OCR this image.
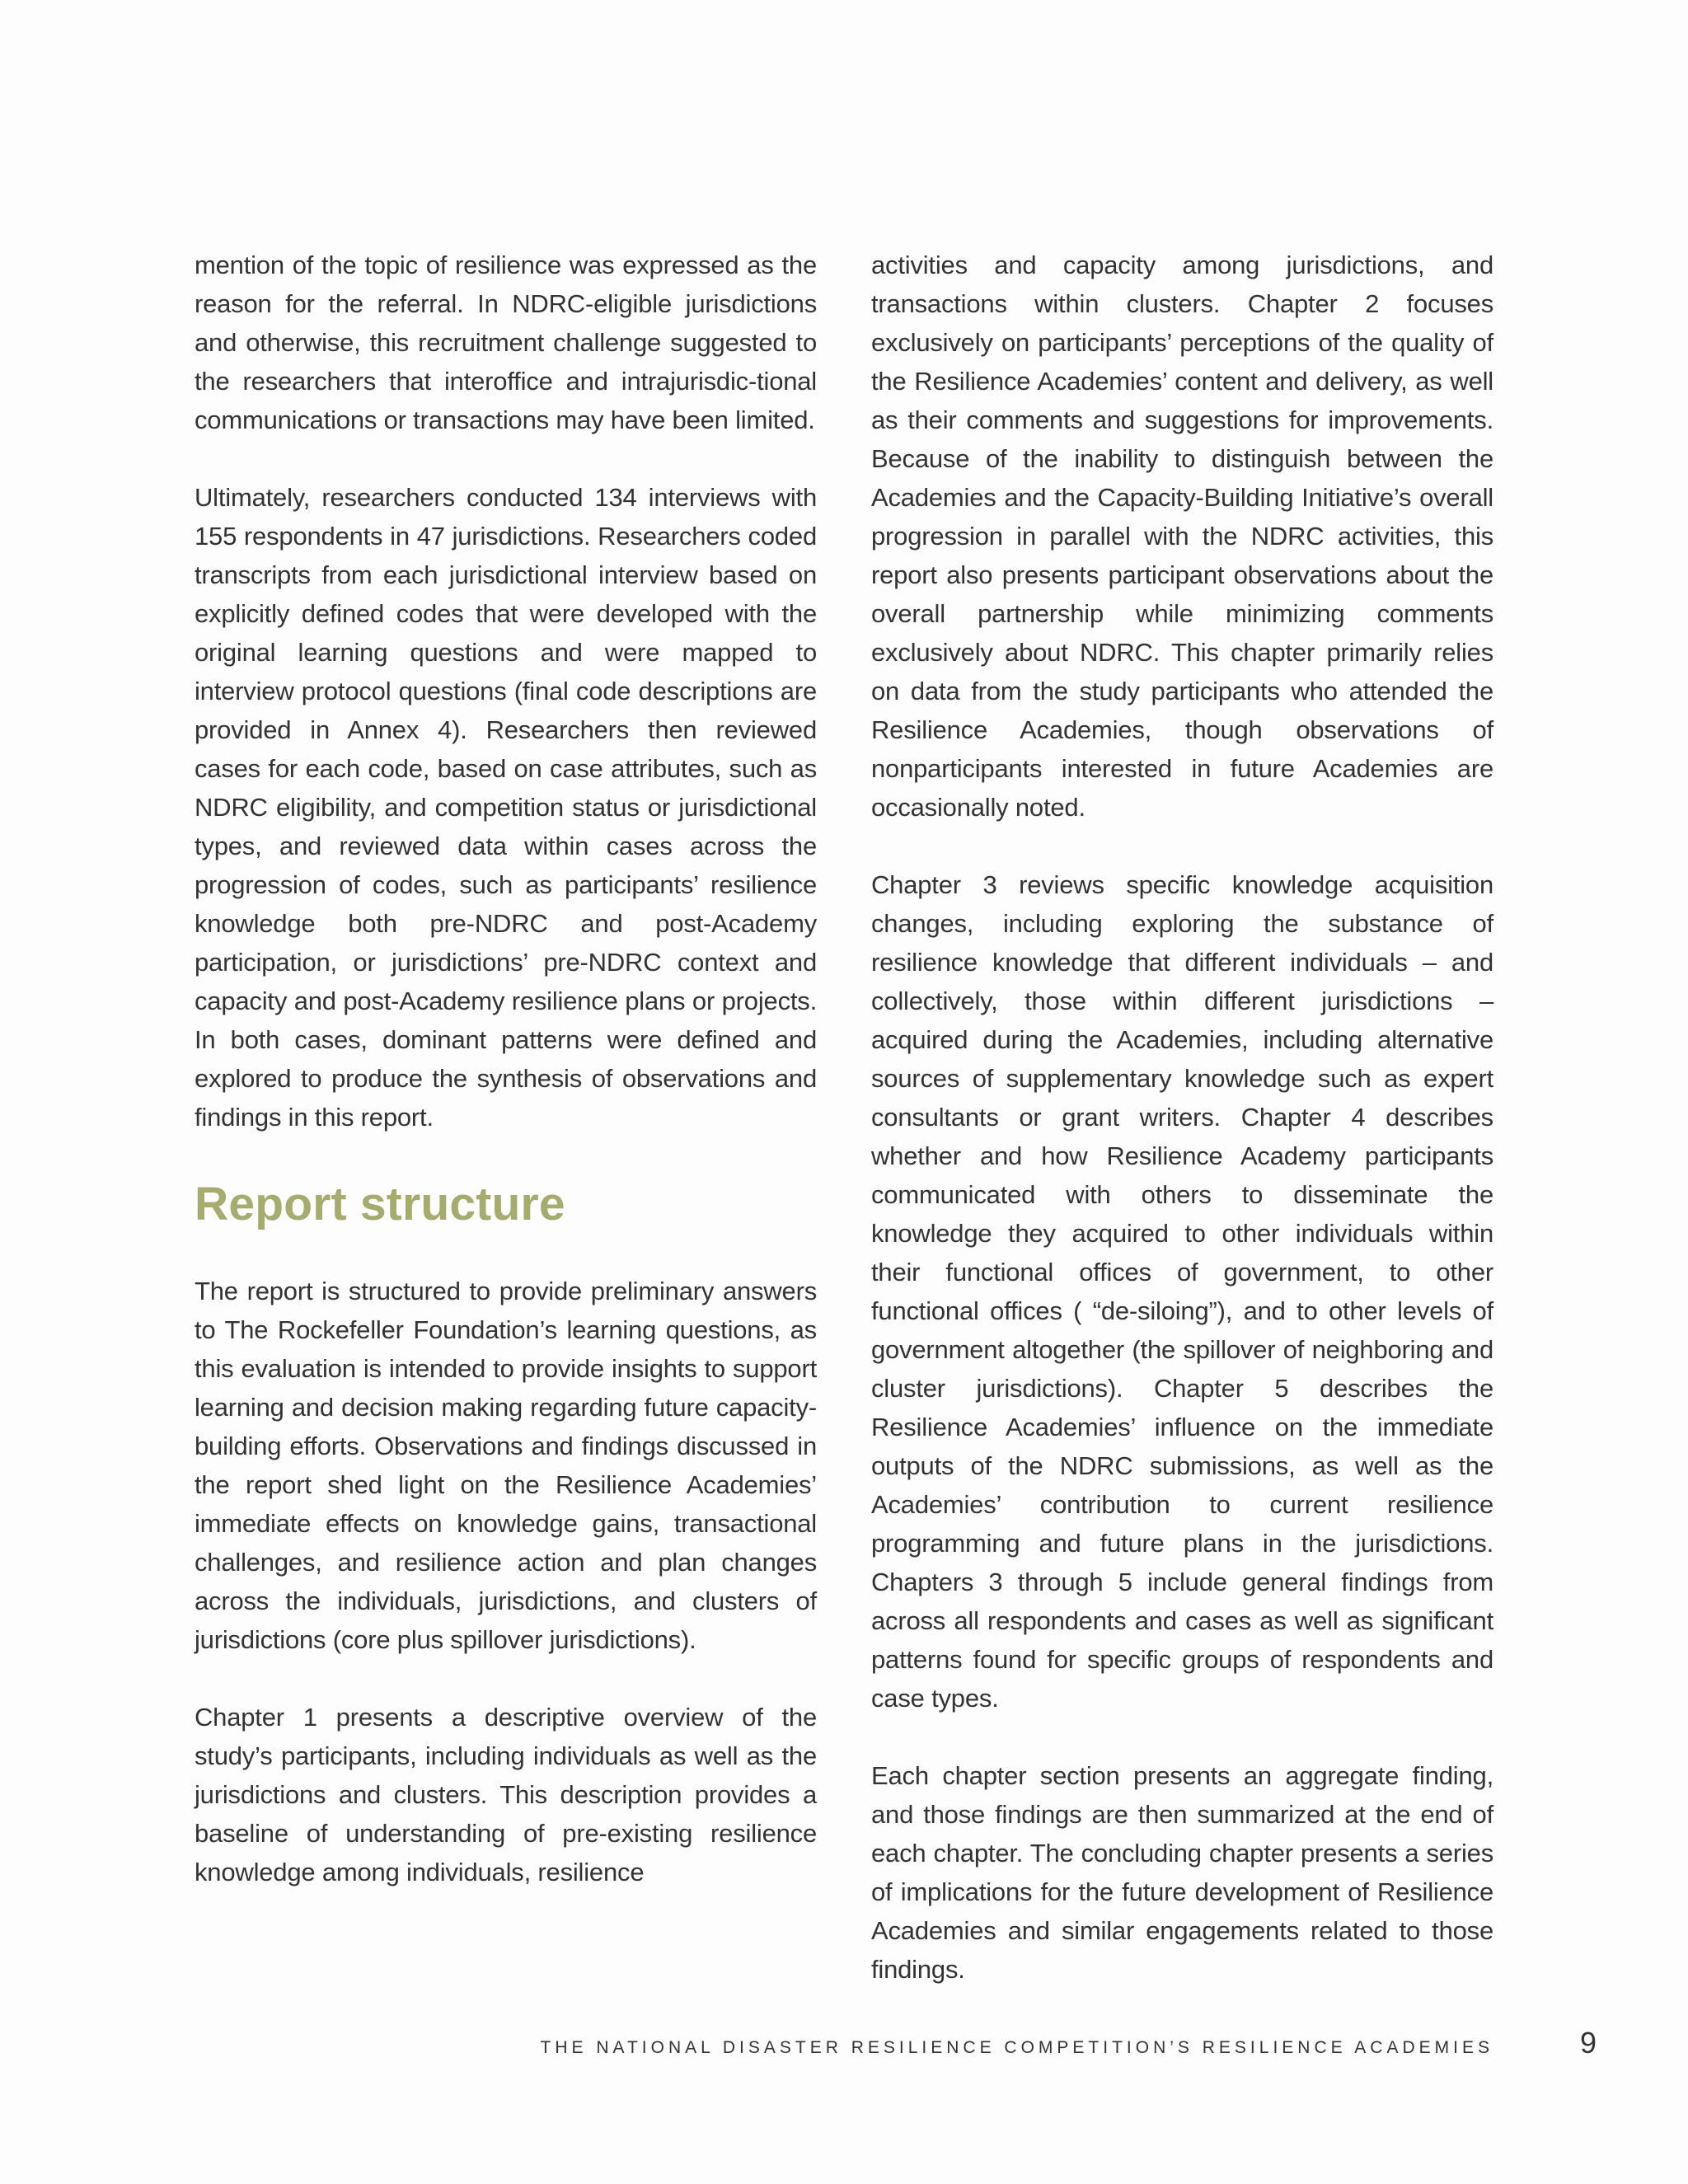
mention of the topic of resilience was expressed as the reason for the referral. In NDRC-eligible jurisdictions and otherwise, this recruitment challenge suggested to the researchers that interoffice and intrajurisdic-tional communications or transactions may have been limited.

Ultimately, researchers conducted 134 interviews with 155 respondents in 47 jurisdictions. Researchers coded transcripts from each jurisdictional interview based on explicitly defined codes that were developed with the original learning questions and were mapped to interview protocol questions (final code descriptions are provided in Annex 4). Researchers then reviewed cases for each code, based on case attributes, such as NDRC eligibility, and competition status or jurisdictional types, and reviewed data within cases across the progression of codes, such as participants’ resilience knowledge both pre-NDRC and post-Academy participation, or jurisdictions’ pre-NDRC context and capacity and post-Academy resilience plans or projects. In both cases, dominant patterns were defined and explored to produce the synthesis of observations and findings in this report.

Report structure

The report is structured to provide preliminary answers to The Rockefeller Foundation’s learning questions, as this evaluation is intended to provide insights to support learning and decision making regarding future capacity-building efforts. Observations and findings discussed in the report shed light on the Resilience Academies’ immediate effects on knowledge gains, transactional challenges, and resilience action and plan changes across the individuals, jurisdictions, and clusters of jurisdictions (core plus spillover jurisdictions).

Chapter 1 presents a descriptive overview of the study’s participants, including individuals as well as the jurisdictions and clusters. This description provides a baseline of understanding of pre-existing resilience knowledge among individuals, resilience

activities and capacity among jurisdictions, and transactions within clusters. Chapter 2 focuses exclusively on participants’ perceptions of the quality of the Resilience Academies’ content and delivery, as well as their comments and suggestions for improvements. Because of the inability to distinguish between the Academies and the Capacity-Building Initiative’s overall progression in parallel with the NDRC activities, this report also presents participant observations about the overall partnership while minimizing comments exclusively about NDRC. This chapter primarily relies on data from the study participants who attended the Resilience Academies, though observations of nonparticipants interested in future Academies are occasionally noted.

Chapter 3 reviews specific knowledge acquisition changes, including exploring the substance of resilience knowledge that different individuals – and collectively, those within different jurisdictions – acquired during the Academies, including alternative sources of supplementary knowledge such as expert consultants or grant writers. Chapter 4 describes whether and how Resilience Academy participants communicated with others to disseminate the knowledge they acquired to other individuals within their functional offices of government, to other functional offices ( “de-siloing”), and to other levels of government altogether (the spillover of neighboring and cluster jurisdictions). Chapter 5 describes the Resilience Academies’ influence on the immediate outputs of the NDRC submissions, as well as the Academies’ contribution to current resilience programming and future plans in the jurisdictions. Chapters 3 through 5 include general findings from across all respondents and cases as well as significant patterns found for specific groups of respondents and case types.

Each chapter section presents an aggregate finding, and those findings are then summarized at the end of each chapter. The concluding chapter presents a series of implications for the future development of Resilience Academies and similar engagements related to those findings.

THE NATIONAL DISASTER RESILIENCE COMPETITION’S RESILIENCE ACADEMIES	9
